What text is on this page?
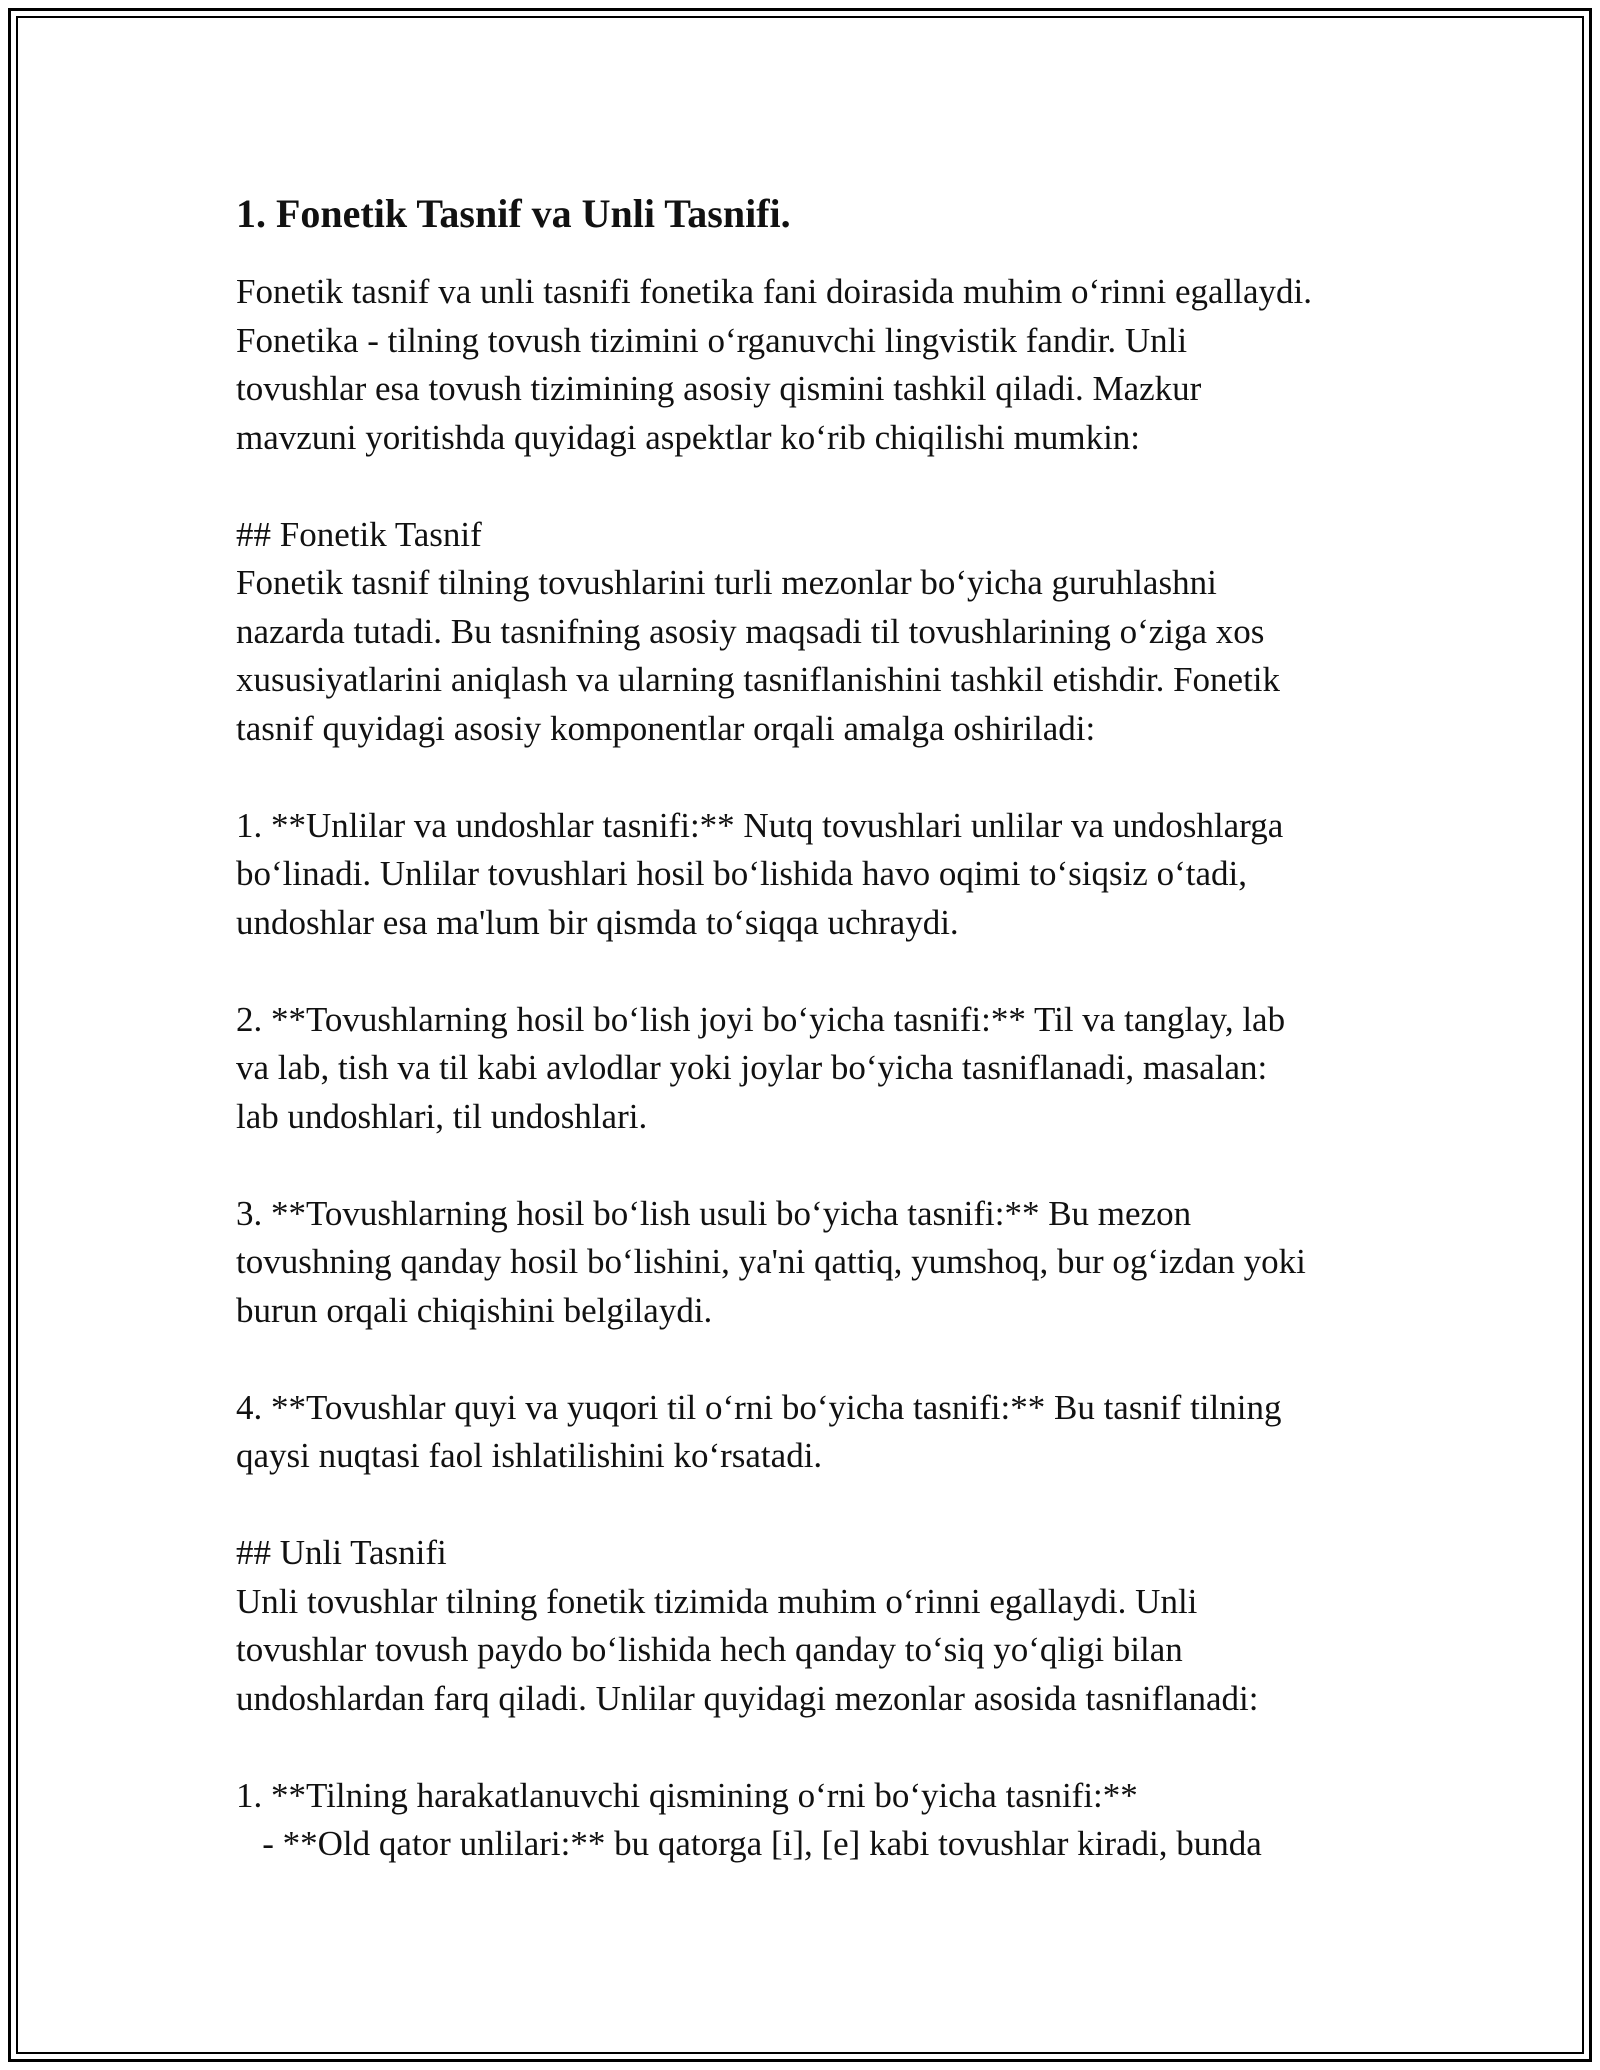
1. Fonetik Tasnif va Unli Tasnifi.
Fonetik tasnif va unli tasnifi fonetika fani doirasida muhim o‘rinni egallaydi.
Fonetika - tilning tovush tizimini o‘rganuvchi lingvistik fandir. Unli
tovushlar esa tovush tizimining asosiy qismini tashkil qiladi. Mazkur
mavzuni yoritishda quyidagi aspektlar ko‘rib chiqilishi mumkin:
## Fonetik Tasnif
Fonetik tasnif tilning tovushlarini turli mezonlar bo‘yicha guruhlashni
nazarda tutadi. Bu tasnifning asosiy maqsadi til tovushlarining o‘ziga xos
xususiyatlarini aniqlash va ularning tasniflanishini tashkil etishdir. Fonetik
tasnif quyidagi asosiy komponentlar orqali amalga oshiriladi:
1. **Unlilar va undoshlar tasnifi:** Nutq tovushlari unlilar va undoshlarga
bo‘linadi. Unlilar tovushlari hosil bo‘lishida havo oqimi to‘siqsiz o‘tadi,
undoshlar esa ma'lum bir qismda to‘siqqa uchraydi.
2. **Tovushlarning hosil bo‘lish joyi bo‘yicha tasnifi:** Til va tanglay, lab
va lab, tish va til kabi avlodlar yoki joylar bo‘yicha tasniflanadi, masalan:
lab undoshlari, til undoshlari.
3. **Tovushlarning hosil bo‘lish usuli bo‘yicha tasnifi:** Bu mezon
tovushning qanday hosil bo‘lishini, ya'ni qattiq, yumshoq, bur og‘izdan yoki
burun orqali chiqishini belgilaydi.
4. **Tovushlar quyi va yuqori til o‘rni bo‘yicha tasnifi:** Bu tasnif tilning
qaysi nuqtasi faol ishlatilishini ko‘rsatadi.
## Unli Tasnifi
Unli tovushlar tilning fonetik tizimida muhim o‘rinni egallaydi. Unli
tovushlar tovush paydo bo‘lishida hech qanday to‘siq yo‘qligi bilan
undoshlardan farq qiladi. Unlilar quyidagi mezonlar asosida tasniflanadi:
1. **Tilning harakatlanuvchi qismining o‘rni bo‘yicha tasnifi:**
- **Old qator unlilari:** bu qatorga [i], [e] kabi tovushlar kiradi, bunda
